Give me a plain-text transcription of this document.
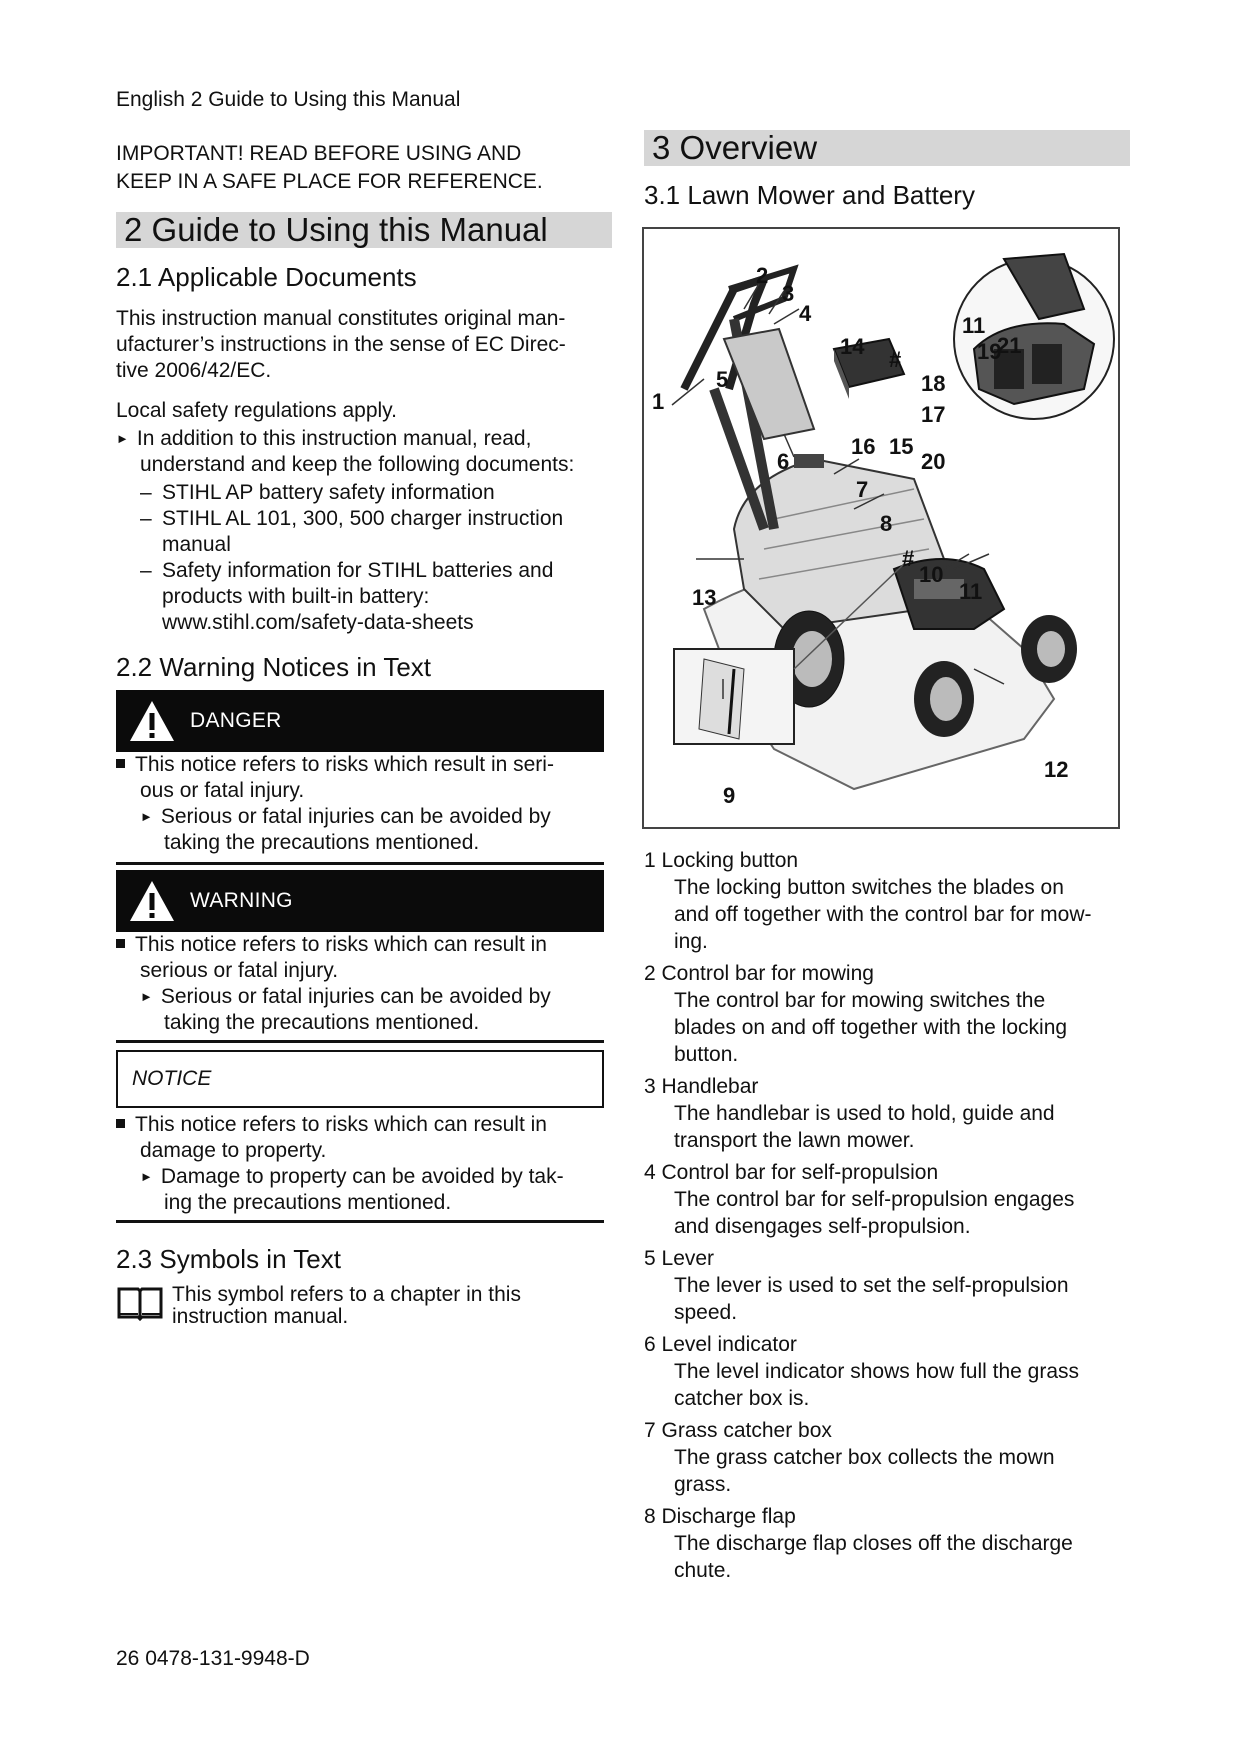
English 2 Guide to Using this Manual
IMPORTANT! READ BEFORE USING AND
KEEP IN A SAFE PLACE FOR REFERENCE.
2 Guide to Using this Manual
2.1 Applicable Documents
This instruction manual constitutes original man-
ufacturer’s instructions in the sense of EC Direc-
tive 2006/42/EC.
Local safety regulations apply.
► In addition to this instruction manual, read,
understand and keep the following documents:
– STIHL AP battery safety information
– STIHL AL 101, 300, 500 charger instruction
manual
– Safety information for STIHL batteries and
products with built-in battery:
www.stihl.com/safety-data-sheets
2.2 Warning Notices in Text
DANGER
This notice refers to risks which result in seri-
ous or fatal injury.
► Serious or fatal injuries can be avoided by
taking the precautions mentioned.
WARNING
This notice refers to risks which can result in
serious or fatal injury.
► Serious or fatal injuries can be avoided by
taking the precautions mentioned.
NOTICE
This notice refers to risks which can result in
damage to property.
► Damage to property can be avoided by tak-
ing the precautions mentioned.
2.3 Symbols in Text
This symbol refers to a chapter in this
instruction manual.
26 0478-131-9948-D
3 Overview
3.1 Lawn Mower and Battery
1
2
3
4
5
6
7
8
#
10
11
12
13
14
#
15
16
11
17
18
19
20
21
9
1 Locking button
The locking button switches the blades on
and off together with the control bar for mow-
ing.
2 Control bar for mowing
The control bar for mowing switches the
blades on and off together with the locking
button.
3 Handlebar
The handlebar is used to hold, guide and
transport the lawn mower.
4 Control bar for self-propulsion
The control bar for self-propulsion engages
and disengages self-propulsion.
5 Lever
The lever is used to set the self-propulsion
speed.
6 Level indicator
The level indicator shows how full the grass
catcher box is.
7 Grass catcher box
The grass catcher box collects the mown
grass.
8 Discharge flap
The discharge flap closes off the discharge
chute.
